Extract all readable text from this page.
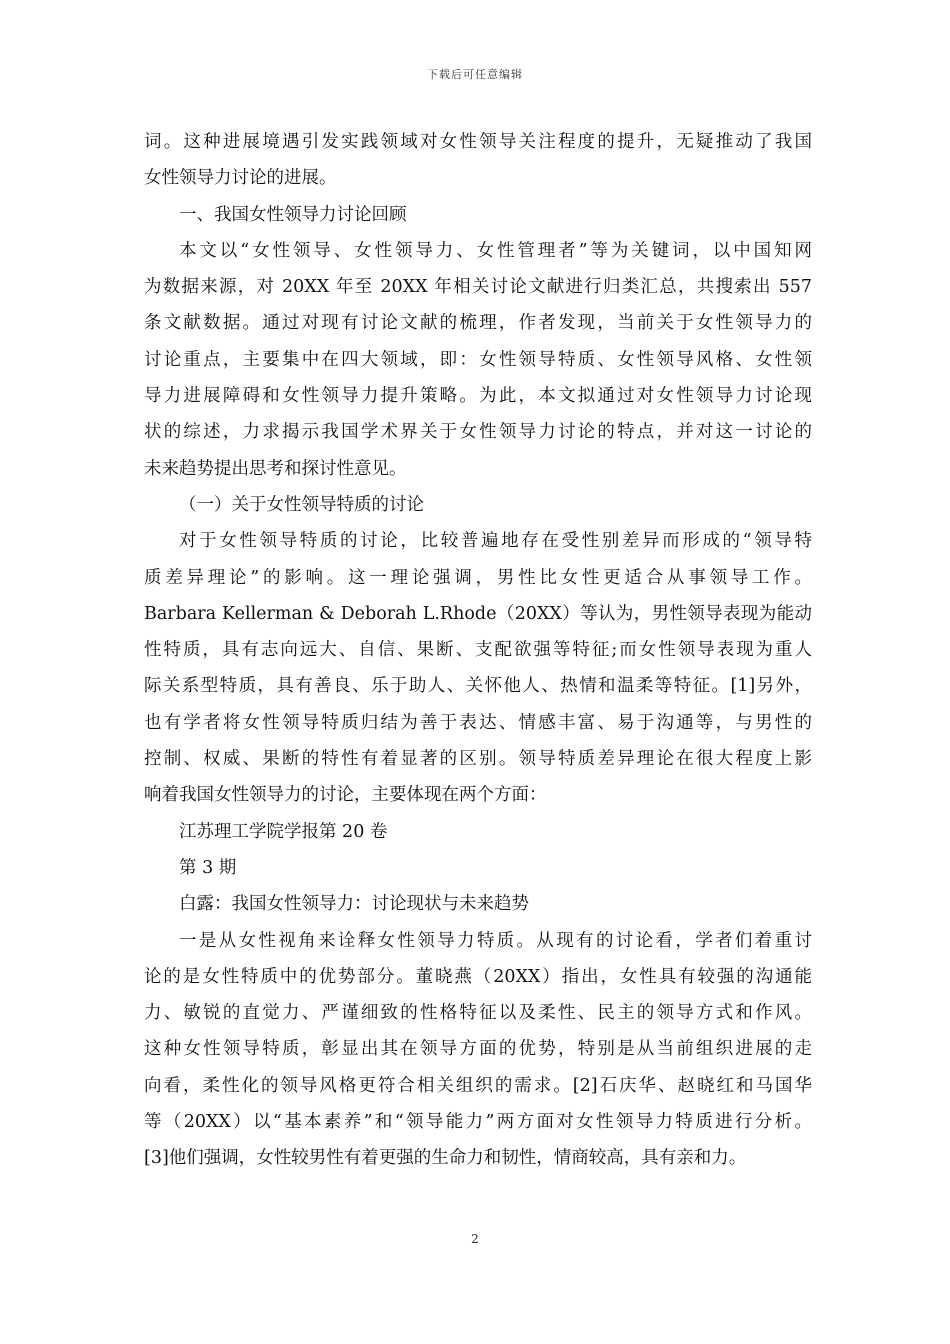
下载后可任意编辑
词。这种进展境遇引发实践领域对女性领导关注程度的提升，无疑推动了我国
女性领导力讨论的进展。
一、我国女性领导力讨论回顾
本文以“女性领导、女性领导力、女性管理者”等为关键词，以中国知网
为数据来源，对 20XX 年至 20XX 年相关讨论文献进行归类汇总，共搜索出 557
条文献数据。通过对现有讨论文献的梳理，作者发现，当前关于女性领导力的
讨论重点，主要集中在四大领域，即：女性领导特质、女性领导风格、女性领
导力进展障碍和女性领导力提升策略。为此，本文拟通过对女性领导力讨论现
状的综述，力求揭示我国学术界关于女性领导力讨论的特点，并对这一讨论的
未来趋势提出思考和探讨性意见。
（一）关于女性领导特质的讨论
对于女性领导特质的讨论，比较普遍地存在受性别差异而形成的“领导特
质差异理论”的影响。这一理论强调，男性比女性更适合从事领导工作。
Barbara Kellerman & Deborah L.Rhode（20XX）等认为，男性领导表现为能动
性特质，具有志向远大、自信、果断、支配欲强等特征;而女性领导表现为重人
际关系型特质，具有善良、乐于助人、关怀他人、热情和温柔等特征。[1]另外，
也有学者将女性领导特质归结为善于表达、情感丰富、易于沟通等，与男性的
控制、权威、果断的特性有着显著的区别。领导特质差异理论在很大程度上影
响着我国女性领导力的讨论，主要体现在两个方面：
江苏理工学院学报第 20 卷
第 3 期
白露：我国女性领导力：讨论现状与未来趋势
一是从女性视角来诠释女性领导力特质。从现有的讨论看，学者们着重讨
论的是女性特质中的优势部分。董晓燕（20XX）指出，女性具有较强的沟通能
力、敏锐的直觉力、严谨细致的性格特征以及柔性、民主的领导方式和作风。
这种女性领导特质，彰显出其在领导方面的优势，特别是从当前组织进展的走
向看，柔性化的领导风格更符合相关组织的需求。[2]石庆华、赵晓红和马国华
等（20XX）以“基本素养”和“领导能力”两方面对女性领导力特质进行分析。
[3]他们强调，女性较男性有着更强的生命力和韧性，情商较高，具有亲和力。
2
